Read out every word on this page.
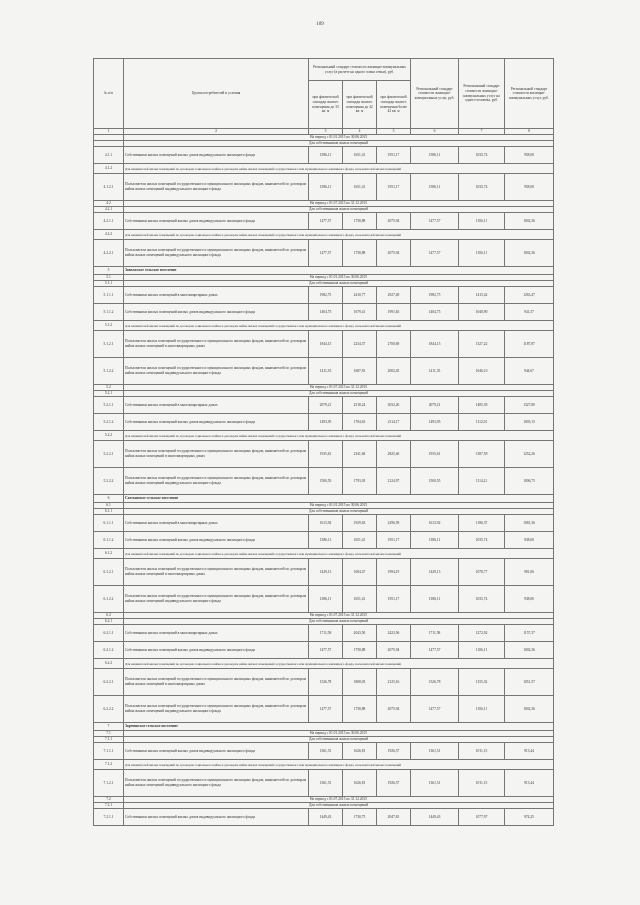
109
№ п/п	Группа потребителей и условия	Региональный стандарт стоимости жилищно-коммунальных услуг (в расчете на одного члена семьи), руб.			Региональный стандарт стоимости жилищно-коммунальных услуг, руб.	Региональный стандарт стоимости жилищно-коммунальных услуг на одного человека, руб.	Региональный стандарт стоимости жилищно-коммунальных услуг, руб.
		при фактической площади жилого помещения до 33 кв. м	при фактической площади жилого помещения до 42 кв. м	при фактической площади жилого помещения более 42 кв. м			
1	2	3	4	5	6	7	8
	На период с 01.01.2015 по 30.06.2015						
	Для собственников жилых помещений						
4.1.1	Собственники жилых помещений жилых домов индивидуального жилищного фонда	1586,11	1651,41	1951,17	1586,11	1035,74	958,00
4.1.2	Для нанимателей жилых помещений по договорам социального найма и договорам найма жилых помещений государственного или муниципального жилищного фонда, пользователей жилых помещений						
4.1.2.1	Пользователи жилых помещений государственного и муниципального жилищных фондов, нанимателей по договорам найма жилых помещений индивидуального жилищного фонда	1586,11	1651,41	1951,17	1586,11	1035,74	958,00
4.2	На период с 01.07.2015 по 31.12.2015						
4.2.1	Для собственников жилых помещений						
4.2.1.1	Собственники жилых помещений жилых домов индивидуального жилищного фонда	1477,57	1758,88	2075,94	1477,57	1106,11	1002,36
4.2.2	Для нанимателей жилых помещений по договорам социального найма и договорам найма жилых помещений государственного или муниципального жилищного фонда, пользователей жилых помещений						
4.2.2.1	Пользователи жилых помещений государственного и муниципального жилищных фондов, нанимателей по договорам найма жилых помещений индивидуального жилищного фонда	1477,57	1758,88	2075,94	1477,57	1106,11	1002,36
5	Заволжское сельское поселение						
5.1	На период с 01.01.2015 по 30.06.2015						
5.1.1	Для собственников жилых помещений						
5.1.1.1	Собственники жилых помещений в многоквартирных домах	1982,75	2410,77	2927,49	1982,75	1415,42	1263,47
5.1.1.2	Собственники жилых помещений жилых домов индивидуального жилищного фонда	1404,75	1679,41	1991,65	1404,75	1040,90	941,57
5.1.2	Для нанимателей жилых помещений по договорам социального найма и договорам найма жилых помещений государственного или муниципального жилищного фонда, пользователей жилых помещений						
5.1.2.1	Пользователи жилых помещений государственного и муниципального жилищных фондов, нанимателей по договорам найма жилых помещений в многоквартирных домах	1844,15	2234,37	2700,69	1844,15	1327,22	1187,87
5.1.2.2	Пользователи жилых помещений государственного и муниципального жилищных фондов, нанимателей по договорам найма жилых помещений индивидуального жилищного фонда	1411,35	1687,81	2002,45	1411,35	1046,10	944,67
5.2	На период с 01.07.2015 по 31.12.2015						
5.2.1	Для собственников жилых помещений						
5.2.1.1	Собственники жилых помещений в многоквартирных домах	2079,21	2518,24	3032,26	2079,21	1485,39	1327,80
5.2.1.2	Собственники жилых помещений жилых домов индивидуального жилищного фонда	1493,95	1784,63	2114,17	1493,95	1112,01	1003,15
5.2.2	Для нанимателей жилых помещений по договорам социального найма и договорам найма жилых помещений государственного или муниципального жилищного фонда, пользователей жилых помещений						
5.2.2.1	Пользователи жилых помещений государственного и муниципального жилищных фондов, нанимателей по договорам найма жилых помещений в многоквартирных домах	1935,61	2341,84	2825,46	1935,61	1387,59	1252,26
5.2.2.2	Пользователи жилых помещений государственного и муниципального жилищных фондов, нанимателей по договорам найма жилых помещений индивидуального жилищного фонда	1500,55	1793,03	2124,97	1500,55	1114,21	1006,75
6	Сахтышское сельское поселение						
6.1	На период с 01.01.2015 по 30.06.2015						
6.1.1	Для собственников жилых помещений						
6.1.1.1	Собственники жилых помещений в многоквартирных домах	1613,92	1929,63	2296,59	1613,92	1186,37	1081,36
6.1.1.2	Собственники жилых помещений жилых домов индивидуального жилищного фонда	1386,11	1651,41	1951,17	1386,11	1035,74	938,00
6.1.2	Для нанимателей жилых помещений по договорам социального найма и договорам найма жилых помещений государственного или муниципального жилищного фонда, пользователей жилых помещений						
6.1.2.1	Пользователи жилых помещений государственного и муниципального жилищных фондов, нанимателей по договорам найма жилых помещений в многоквартирных домах	1429,13	1694,47	1994,19	1429,13	1078,77	981,06
6.1.2.2	Пользователи жилых помещений государственного и муниципального жилищных фондов, нанимателей по договорам найма жилых помещений индивидуального жилищного фонда	1386,11	1651,41	1951,17	1386,11	1035,74	938,00
6.2	На период с 01.07.2015 по 31.12.2015						
6.2.1	Для собственников жилых помещений						
6.2.1.1	Собственники жилых помещений в многоквартирных домах	1711,58	2043,50	2423,56	1711,58	1272,92	1157,37
6.2.1.2	Собственники жилых помещений жилых домов индивидуального жилищного фонда	1477,57	1758,88	2075,94	1477,57	1106,11	1002,36
6.2.2	Для нанимателей жилых помещений по договорам социального найма и договорам найма жилых помещений государственного или муниципального жилищного фонда, пользователей жилых помещений						
6.2.2.1	Пользователи жилых помещений государственного и муниципального жилищных фондов, нанимателей по договорам найма жилых помещений в многоквартирных домах	1526,78	1808,03	2125,16	1526,78	1155,32	1051,57
6.2.2.2	Пользователи жилых помещений государственного и муниципального жилищных фондов, нанимателей по договорам найма жилых помещений индивидуального жилищного фонда	1477,57	1758,88	2075,94	1477,57	1106,11	1002,36
7	Заречинское сельское поселение						
7.1	На период с 01.01.2015 по 30.06.2015						
7.1.1	Для собственников жилых помещений						
7.1.1.1	Собственники жилых помещений жилых домов индивидуального жилищного фонда	1361,51	1626,81	1926,57	1361,51	1011,15	913,44
7.1.2	Для нанимателей жилых помещений по договорам социального найма и договорам найма жилых помещений государственного или муниципального жилищного фонда, пользователей жилых помещений						
7.1.2.1	Пользователи жилых помещений государственного и муниципального жилищных фондов, нанимателей по договорам найма жилых помещений индивидуального жилищного фонда	1361,51	1626,81	1926,57	1361,51	1011,15	913,44
7.2	На период с 01.07.2015 по 31.12.2015						
7.2.1	Для собственников жилых помещений						
7.2.1.1	Собственники жилых помещений жилых домов индивидуального жилищного фонда	1449,43	1730,75	2047,81	1449,43	1077,97	974,25
